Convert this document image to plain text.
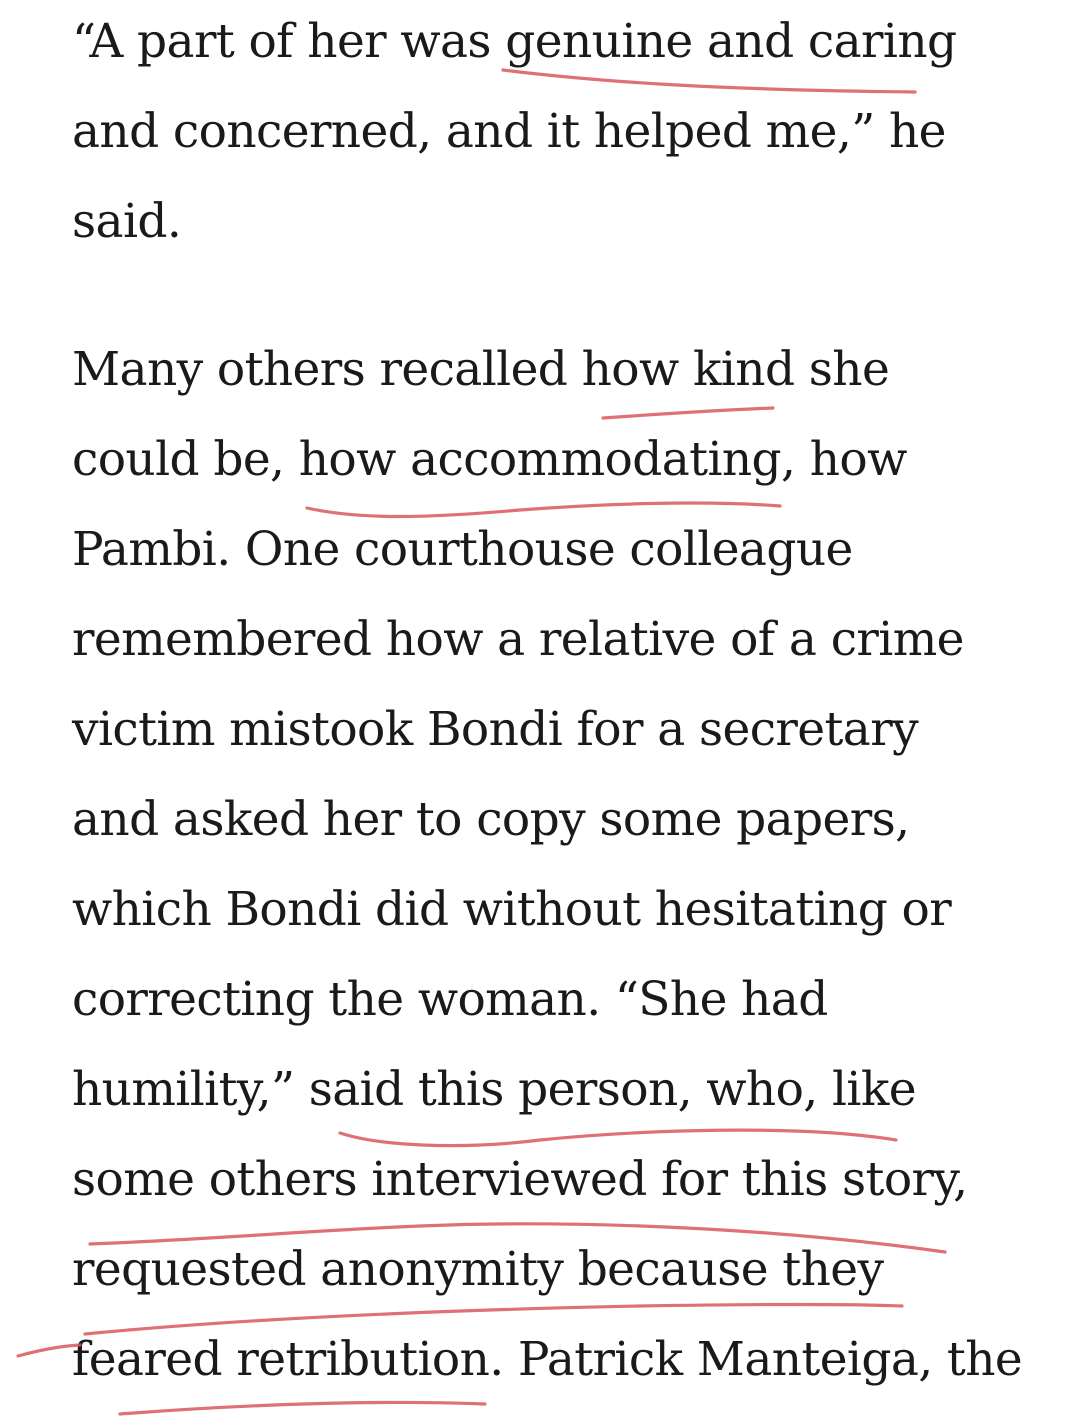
“A part of her was genuine and caring
and concerned, and it helped me,” he
said.
Many others recalled how kind she
could be, how accommodating, how
Pambi. One courthouse colleague
remembered how a relative of a crime
victim mistook Bondi for a secretary
and asked her to copy some papers,
which Bondi did without hesitating or
correcting the woman. “She had
humility,” said this person, who, like
some others interviewed for this story,
requested anonymity because they
feared retribution. Patrick Manteiga, the
